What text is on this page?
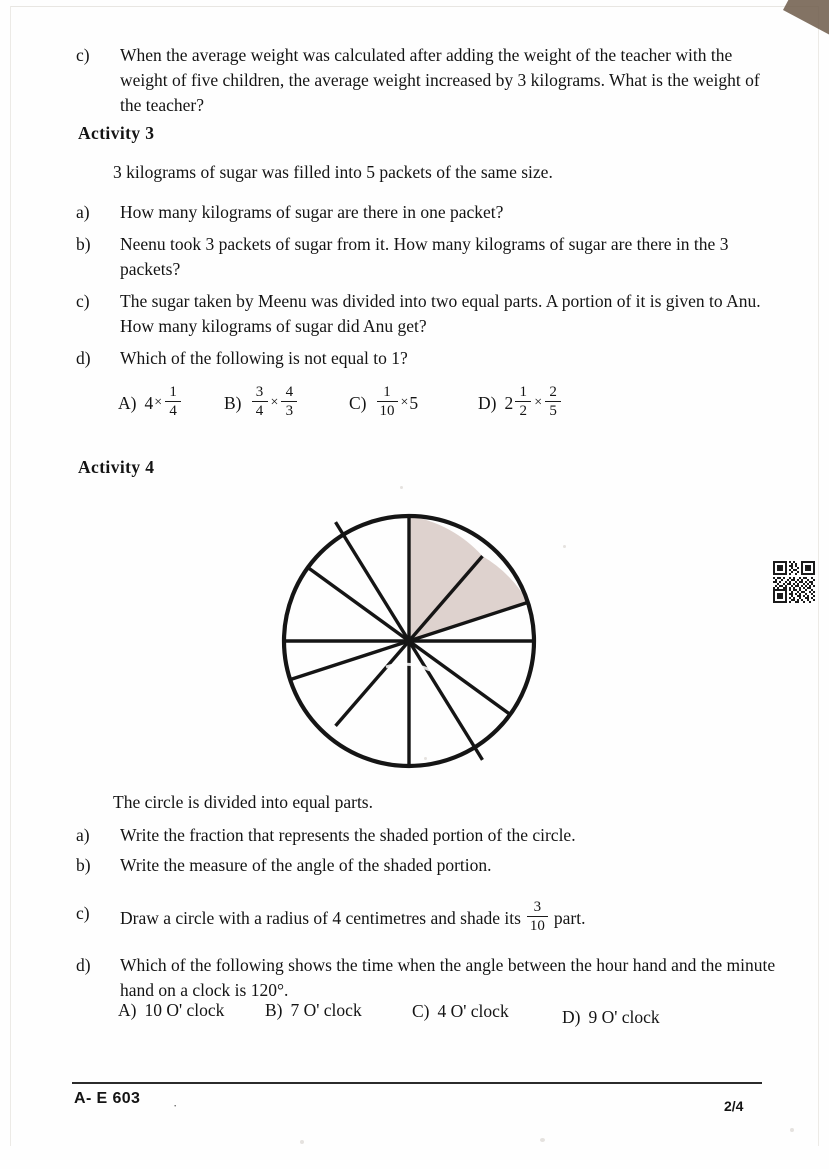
c)	When the average weight was calculated after adding the weight of the teacher with the weight of five children, the average weight increased by 3 kilograms. What is the weight of the teacher?
Activity 3
3 kilograms of sugar was filled into 5 packets of the same size.
a)	How many kilograms of sugar are there in one packet?
b)	Neenu took 3 packets of sugar from it. How many kilograms of sugar are there in the 3 packets?
c)	The sugar taken by Meenu was divided into two equal parts. A portion of it is given to Anu. How many kilograms of sugar did Anu get?
d)	Which of the following is not equal to 1?
A) $4 \times \frac{1}{4} B) \frac{3}{4} \times \frac{4}{3}$	$C) \frac{1}{10} \times 5$	D) $2 \frac{1}{2} \times \frac{2}{5}$
Activity 4
The circle is divided into equal parts.
a)	Write the fraction that represents the shaded portion of the circle.
b)	Write the measure of the angle of the shaded portion.
c)	Draw a circle with a radius of 4 centimetres and shade its $\frac{3}{10}$ part.
d)	Which of the following shows the time when the angle between the hour hand and the minute hand on a clock is 120°.
A) 10 O' clock B) 7 O' clock	C) 4 O' clock	D) 9 O' clock
A- E 603	·	2/4
